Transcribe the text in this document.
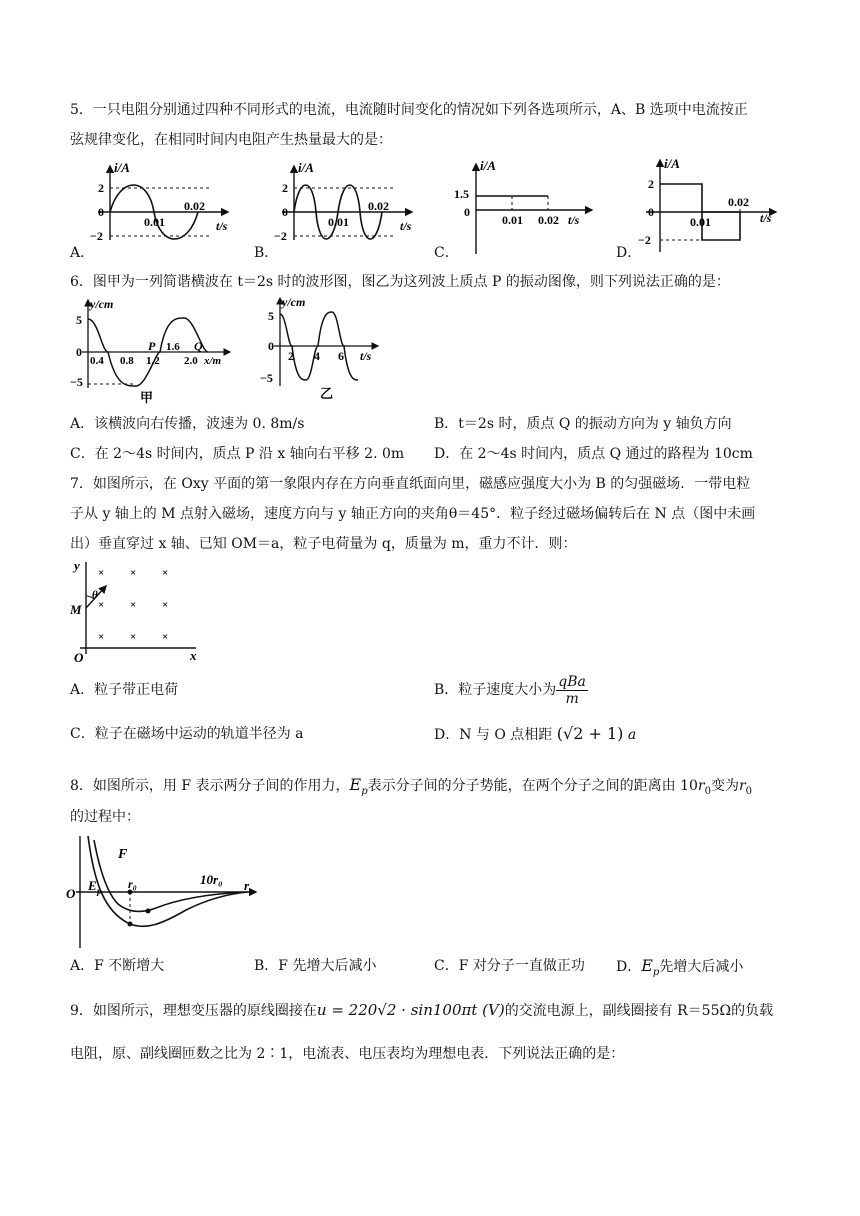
5．一只电阻分别通过四种不同形式的电流，电流随时间变化的情况如下列各选项所示，A、B 选项中电流按正
弦规律变化，在相同时间内电阻产生热量最大的是：
i/A
2
−2
0
0.01
0.02
t/s
A．
i/A
2
−2
0
0.01
0.02
t/s
B．
i/A
1.5
0
0.01 0.02 t/s
C．
i/A
2
−2
0
0.01
0.02
t/s
D．
6．图甲为一列简谐横波在 t＝2s 时的波形图，图乙为这列波上质点 P 的振动图像，则下列说法正确的是：
y/cm
5
−5
0
0.4 0.8
P
1.2
1.6 Q
2.0 x/m
甲
y/cm
5
−5
0
2 4 6 t/s
乙
A．该横波向右传播，波速为 0. 8m/s	B．t＝2s 时，质点 Q 的振动方向为 y 轴负方向
C．在 2～4s 时间内，质点 P 沿 x 轴向右平移 2. 0m D．在 2～4s 时间内，质点 Q 通过的路程为 10cm
7．如图所示，在 Oxy 平面的第一象限内存在方向垂直纸面向里，磁感应强度大小为 B 的匀强磁场．一带电粒
子从 y 轴上的 M 点射入磁场，速度方向与 y 轴正方向的夹角θ＝45°．粒子经过磁场偏转后在 N 点（图中未画
出）垂直穿过 x 轴、已知 OM＝a，粒子电荷量为 q，质量为 m，重力不计．则：
y
x
O
M
θ
× × ×
× × ×
× × ×
A．粒子带正电荷	B．粒子速度大小为 $\frac{\text{qBa}}{m}$
C．粒子在磁场中运动的轨道半径为 a	D．N 与 O 点相距 (√2 + 1) a
8．如图所示，用 F 表示两分子间的作用力，$E_p$表示分子间的分子势能，在两个分子之间的距离由 $10r_0$变为$r_0$
的过程中：
F
E p r₀	10r₀
O
r
A．F 不断增大	B．F 先增大后减小	C．F 对分子一直做正功 D．$E_p$先增大后减小
9．如图所示，理想变压器的原线圈接在u = 220√2 · sin100πt (V)的交流电源上，副线圈接有 R＝55Ω的负载
电阻，原、副线圈匝数之比为 2∶1，电流表、电压表均为理想电表．下列说法正确的是：
